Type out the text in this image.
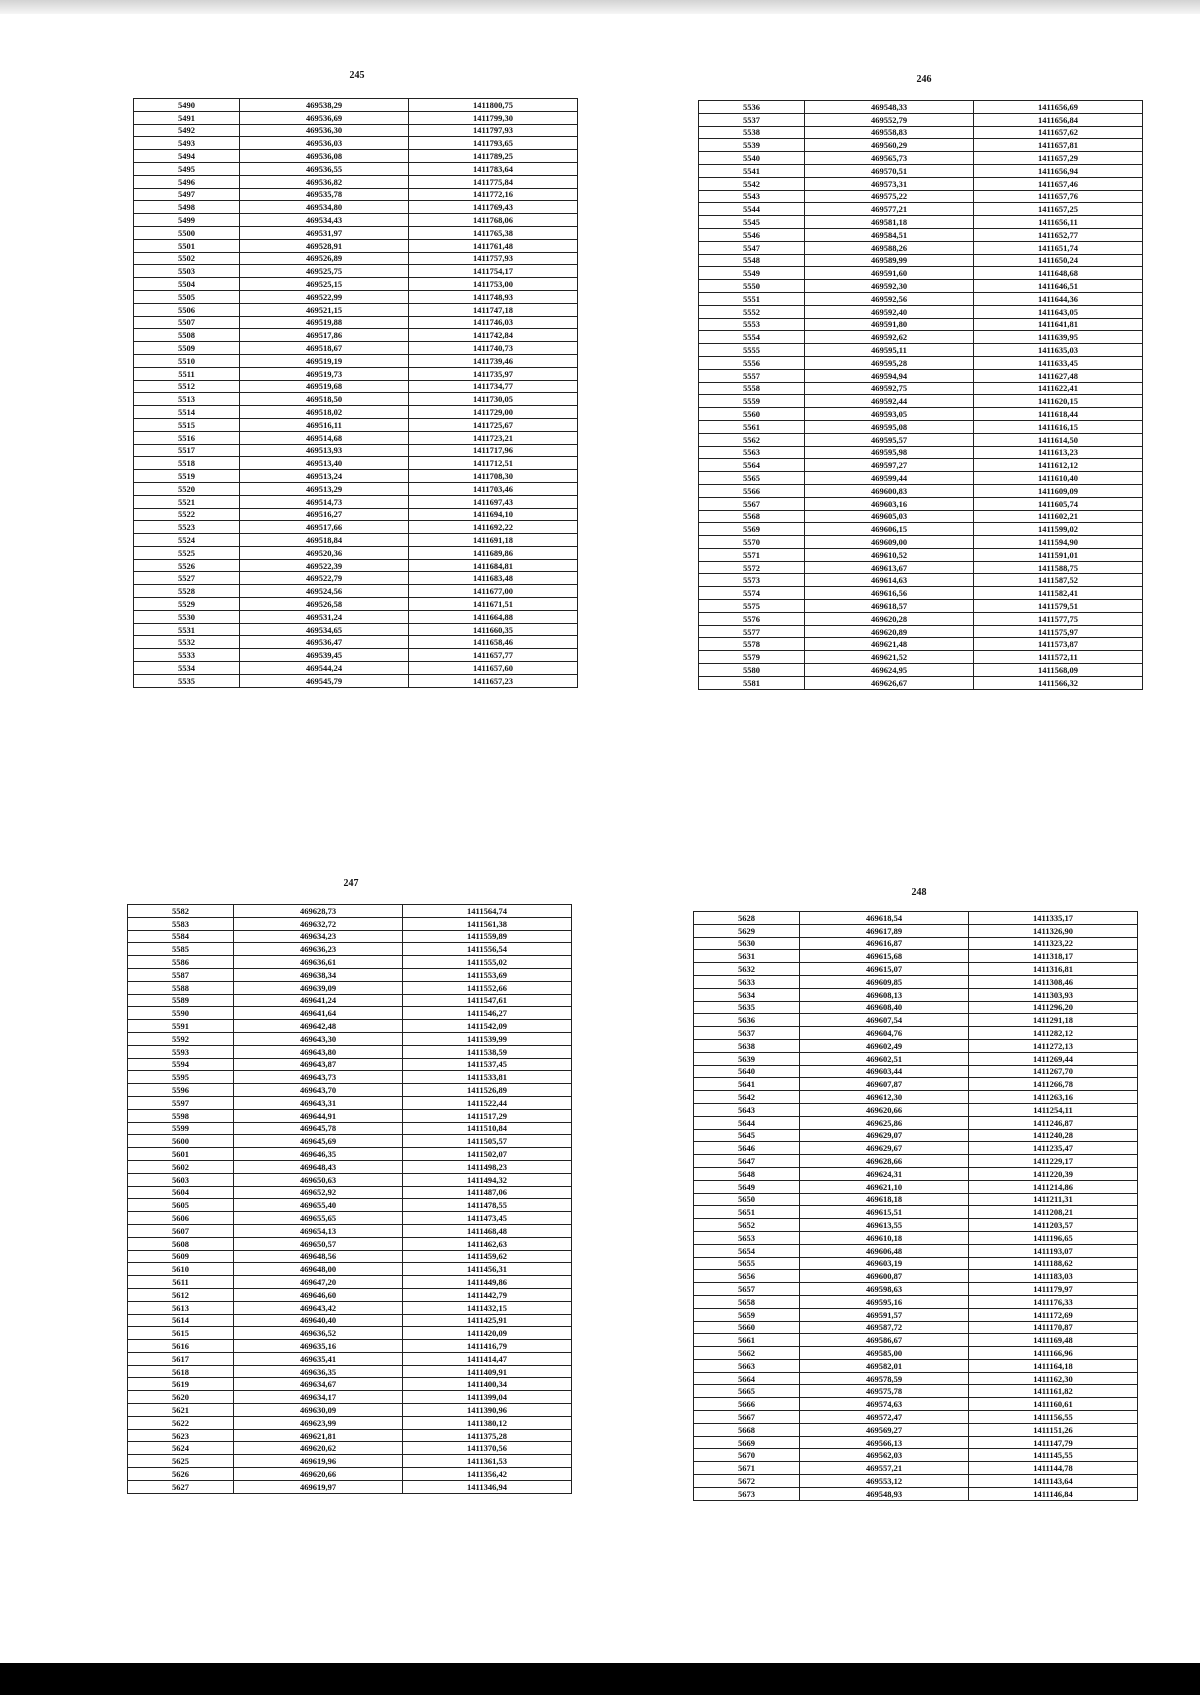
245
5490	469538,29	1411800,75
5491	469536,69	1411799,30
5492	469536,30	1411797,93
5493	469536,03	1411793,65
5494	469536,08	1411789,25
5495	469536,55	1411783,64
5496	469536,82	1411775,84
5497	469535,78	1411772,16
5498	469534,80	1411769,43
5499	469534,43	1411768,06
5500	469531,97	1411765,38
5501	469528,91	1411761,48
5502	469526,89	1411757,93
5503	469525,75	1411754,17
5504	469525,15	1411753,00
5505	469522,99	1411748,93
5506	469521,15	1411747,18
5507	469519,88	1411746,03
5508	469517,86	1411742,84
5509	469518,67	1411740,73
5510	469519,19	1411739,46
5511	469519,73	1411735,97
5512	469519,68	1411734,77
5513	469518,50	1411730,05
5514	469518,02	1411729,00
5515	469516,11	1411725,67
5516	469514,68	1411723,21
5517	469513,93	1411717,96
5518	469513,40	1411712,51
5519	469513,24	1411708,30
5520	469513,29	1411703,46
5521	469514,73	1411697,43
5522	469516,27	1411694,10
5523	469517,66	1411692,22
5524	469518,84	1411691,18
5525	469520,36	1411689,86
5526	469522,39	1411684,81
5527	469522,79	1411683,48
5528	469524,56	1411677,00
5529	469526,58	1411671,51
5530	469531,24	1411664,88
5531	469534,65	1411660,35
5532	469536,47	1411658,46
5533	469539,45	1411657,77
5534	469544,24	1411657,60
5535	469545,79	1411657,23
246
5536	469548,33	1411656,69
5537	469552,79	1411656,84
5538	469558,83	1411657,62
5539	469560,29	1411657,81
5540	469565,73	1411657,29
5541	469570,51	1411656,94
5542	469573,31	1411657,46
5543	469575,22	1411657,76
5544	469577,21	1411657,25
5545	469581,18	1411656,11
5546	469584,51	1411652,77
5547	469588,26	1411651,74
5548	469589,99	1411650,24
5549	469591,60	1411648,68
5550	469592,30	1411646,51
5551	469592,56	1411644,36
5552	469592,40	1411643,05
5553	469591,80	1411641,81
5554	469592,62	1411639,95
5555	469595,11	1411635,03
5556	469595,28	1411633,45
5557	469594,94	1411627,48
5558	469592,75	1411622,41
5559	469592,44	1411620,15
5560	469593,05	1411618,44
5561	469595,08	1411616,15
5562	469595,57	1411614,50
5563	469595,98	1411613,23
5564	469597,27	1411612,12
5565	469599,44	1411610,40
5566	469600,83	1411609,09
5567	469603,16	1411605,74
5568	469605,03	1411602,21
5569	469606,15	1411599,02
5570	469609,00	1411594,90
5571	469610,52	1411591,01
5572	469613,67	1411588,75
5573	469614,63	1411587,52
5574	469616,56	1411582,41
5575	469618,57	1411579,51
5576	469620,28	1411577,75
5577	469620,89	1411575,97
5578	469621,48	1411573,87
5579	469621,52	1411572,11
5580	469624,95	1411568,09
5581	469626,67	1411566,32
247
5582	469628,73	1411564,74
5583	469632,72	1411561,38
5584	469634,23	1411559,89
5585	469636,23	1411556,54
5586	469636,61	1411555,02
5587	469638,34	1411553,69
5588	469639,09	1411552,66
5589	469641,24	1411547,61
5590	469641,64	1411546,27
5591	469642,48	1411542,09
5592	469643,30	1411539,99
5593	469643,80	1411538,59
5594	469643,87	1411537,45
5595	469643,73	1411533,81
5596	469643,70	1411526,89
5597	469643,31	1411522,44
5598	469644,91	1411517,29
5599	469645,78	1411510,84
5600	469645,69	1411505,57
5601	469646,35	1411502,07
5602	469648,43	1411498,23
5603	469650,63	1411494,32
5604	469652,92	1411487,06
5605	469655,40	1411478,55
5606	469655,65	1411473,45
5607	469654,13	1411468,48
5608	469650,57	1411462,63
5609	469648,56	1411459,62
5610	469648,00	1411456,31
5611	469647,20	1411449,86
5612	469646,60	1411442,79
5613	469643,42	1411432,15
5614	469640,40	1411425,91
5615	469636,52	1411420,09
5616	469635,16	1411416,79
5617	469635,41	1411414,47
5618	469636,35	1411409,91
5619	469634,67	1411400,34
5620	469634,17	1411399,04
5621	469630,09	1411390,96
5622	469623,99	1411380,12
5623	469621,81	1411375,28
5624	469620,62	1411370,56
5625	469619,96	1411361,53
5626	469620,66	1411356,42
5627	469619,97	1411346,94
248
5628	469618,54	1411335,17
5629	469617,89	1411326,90
5630	469616,87	1411323,22
5631	469615,68	1411318,17
5632	469615,07	1411316,81
5633	469609,85	1411308,46
5634	469608,13	1411303,93
5635	469608,40	1411296,20
5636	469607,54	1411291,18
5637	469604,76	1411282,12
5638	469602,49	1411272,13
5639	469602,51	1411269,44
5640	469603,44	1411267,70
5641	469607,87	1411266,78
5642	469612,30	1411263,16
5643	469620,66	1411254,11
5644	469625,86	1411246,87
5645	469629,07	1411240,28
5646	469629,67	1411235,47
5647	469628,66	1411229,17
5648	469624,31	1411220,39
5649	469621,10	1411214,86
5650	469618,18	1411211,31
5651	469615,51	1411208,21
5652	469613,55	1411203,57
5653	469610,18	1411196,65
5654	469606,48	1411193,07
5655	469603,19	1411188,62
5656	469600,87	1411183,03
5657	469598,63	1411179,97
5658	469595,16	1411176,33
5659	469591,57	1411172,69
5660	469587,72	1411170,87
5661	469586,67	1411169,48
5662	469585,00	1411166,96
5663	469582,01	1411164,18
5664	469578,59	1411162,30
5665	469575,78	1411161,82
5666	469574,63	1411160,61
5667	469572,47	1411156,55
5668	469569,27	1411151,26
5669	469566,13	1411147,79
5670	469562,03	1411145,55
5671	469557,21	1411144,78
5672	469553,12	1411143,64
5673	469548,93	1411146,84
